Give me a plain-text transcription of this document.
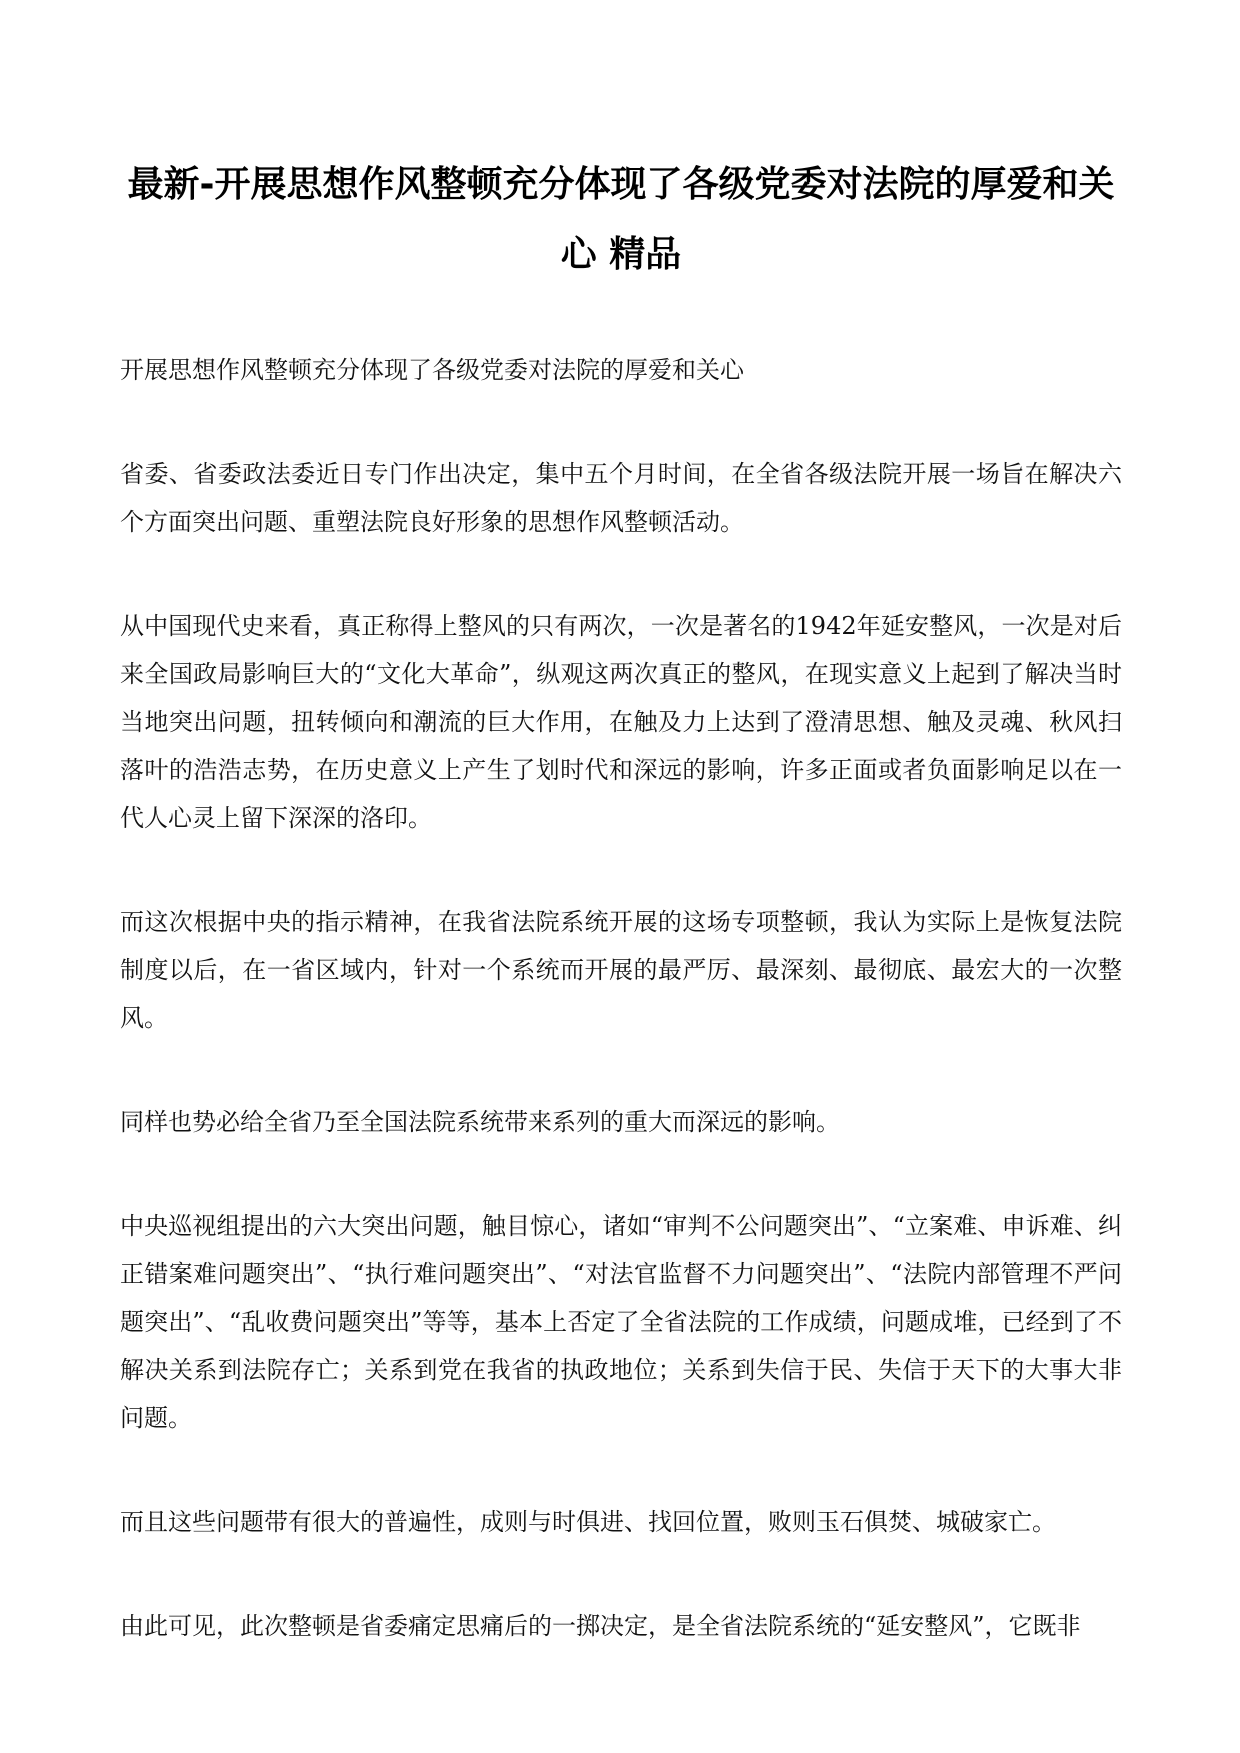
最新-开展思想作风整顿充分体现了各级党委对法院的厚爱和关心 精品

开展思想作风整顿充分体现了各级党委对法院的厚爱和关心

省委、省委政法委近日专门作出决定，集中五个月时间，在全省各级法院开展一场旨在解决六个方面突出问题、重塑法院良好形象的思想作风整顿活动。

从中国现代史来看，真正称得上整风的只有两次，一次是著名的1942年延安整风，一次是对后来全国政局影响巨大的“文化大革命”，纵观这两次真正的整风，在现实意义上起到了解决当时当地突出问题，扭转倾向和潮流的巨大作用，在触及力上达到了澄清思想、触及灵魂、秋风扫落叶的浩浩志势，在历史意义上产生了划时代和深远的影响，许多正面或者负面影响足以在一代人心灵上留下深深的洛印。

而这次根据中央的指示精神，在我省法院系统开展的这场专项整顿，我认为实际上是恢复法院制度以后，在一省区域内，针对一个系统而开展的最严厉、最深刻、最彻底、最宏大的一次整风。

同样也势必给全省乃至全国法院系统带来系列的重大而深远的影响。

中央巡视组提出的六大突出问题，触目惊心，诸如“审判不公问题突出”、“立案难、申诉难、纠正错案难问题突出”、“执行难问题突出”、“对法官监督不力问题突出”、“法院内部管理不严问题突出”、“乱收费问题突出”等等，基本上否定了全省法院的工作成绩，问题成堆，已经到了不解决关系到法院存亡；关系到党在我省的执政地位；关系到失信于民、失信于天下的大事大非问题。

而且这些问题带有很大的普遍性，成则与时俱进、找回位置，败则玉石俱焚、城破家亡。

由此可见，此次整顿是省委痛定思痛后的一掷决定，是全省法院系统的“延安整风”，它既非
